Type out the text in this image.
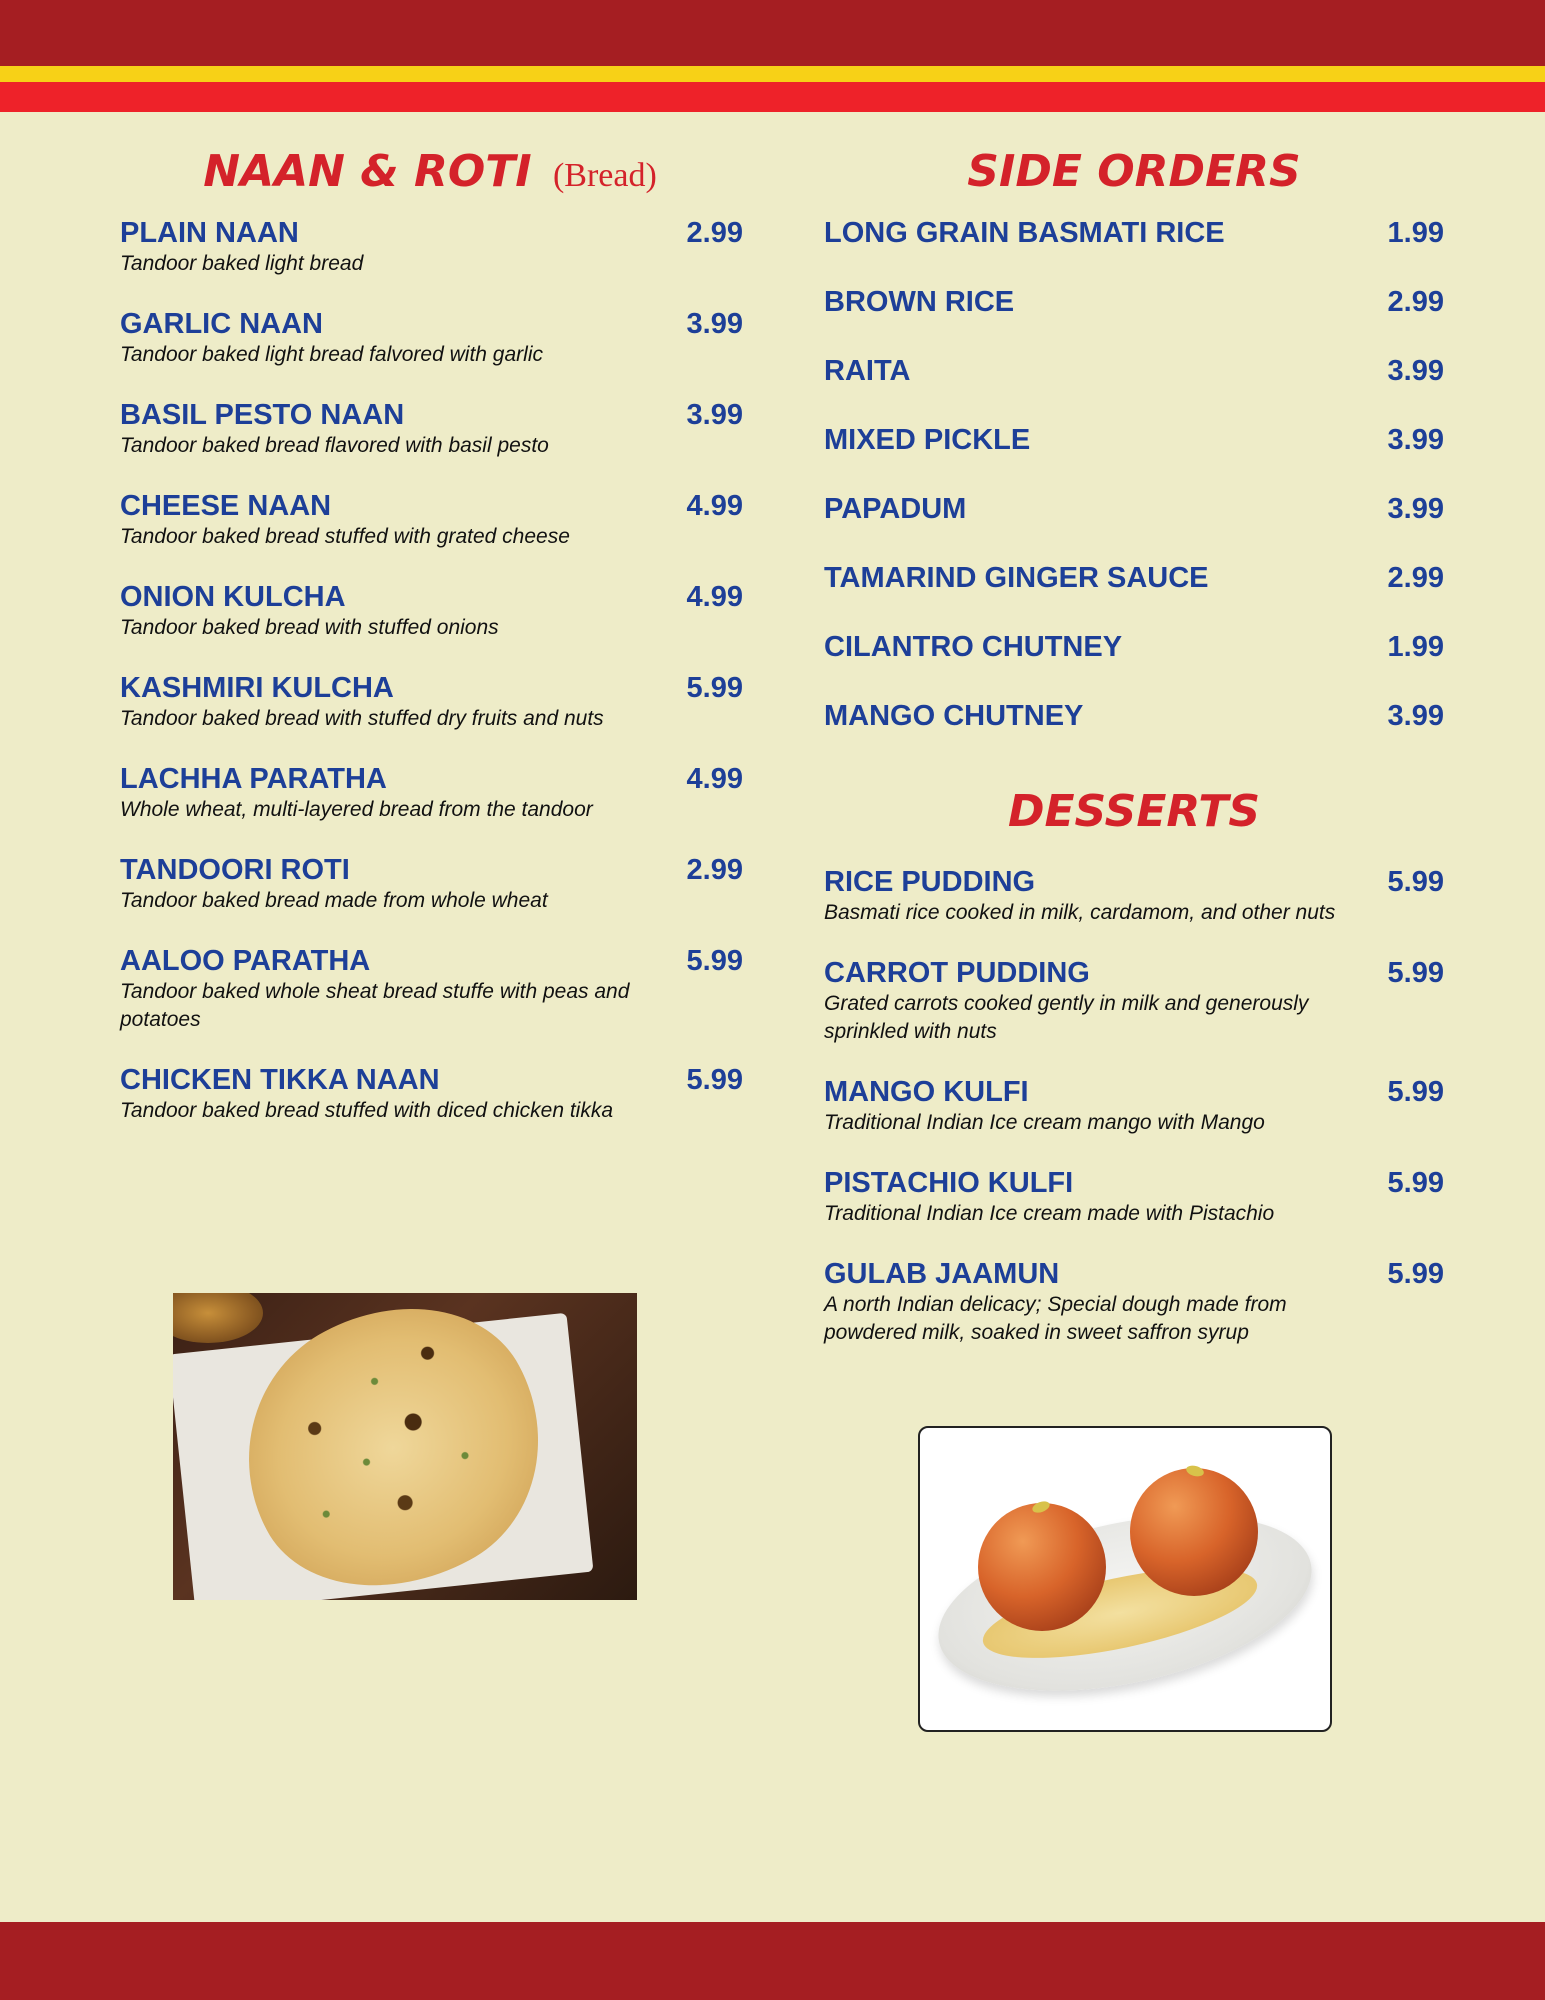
NAAN & ROTI (Bread)
PLAIN NAAN	2.99
Tandoor baked light bread
GARLIC NAAN	3.99
Tandoor baked light bread falvored with garlic
BASIL PESTO NAAN	3.99
Tandoor baked bread flavored with basil pesto
CHEESE NAAN	4.99
Tandoor baked bread stuffed with grated cheese
ONION KULCHA	4.99
Tandoor baked bread with stuffed onions
KASHMIRI KULCHA	5.99
Tandoor baked bread with stuffed dry fruits and nuts
LACHHA PARATHA	4.99
Whole wheat, multi-layered bread from the tandoor
TANDOORI ROTI	2.99
Tandoor baked bread made from whole wheat
AALOO PARATHA	5.99
Tandoor baked whole sheat bread stuffe with peas and potatoes
CHICKEN TIKKA NAAN	5.99
Tandoor baked bread stuffed with diced chicken tikka
SIDE ORDERS
LONG GRAIN BASMATI RICE	1.99
BROWN RICE	2.99
RAITA	3.99
MIXED PICKLE	3.99
PAPADUM	3.99
TAMARIND GINGER SAUCE	2.99
CILANTRO CHUTNEY	1.99
MANGO CHUTNEY	3.99
DESSERTS
RICE PUDDING	5.99
Basmati rice cooked in milk, cardamom, and other nuts
CARROT PUDDING	5.99
Grated carrots cooked gently in milk and generously sprinkled with nuts
MANGO KULFI	5.99
Traditional Indian Ice cream mango with Mango
PISTACHIO KULFI	5.99
Traditional Indian Ice cream made with Pistachio
GULAB JAAMUN	5.99
A north Indian delicacy; Special dough made from powdered milk, soaked in sweet saffron syrup
